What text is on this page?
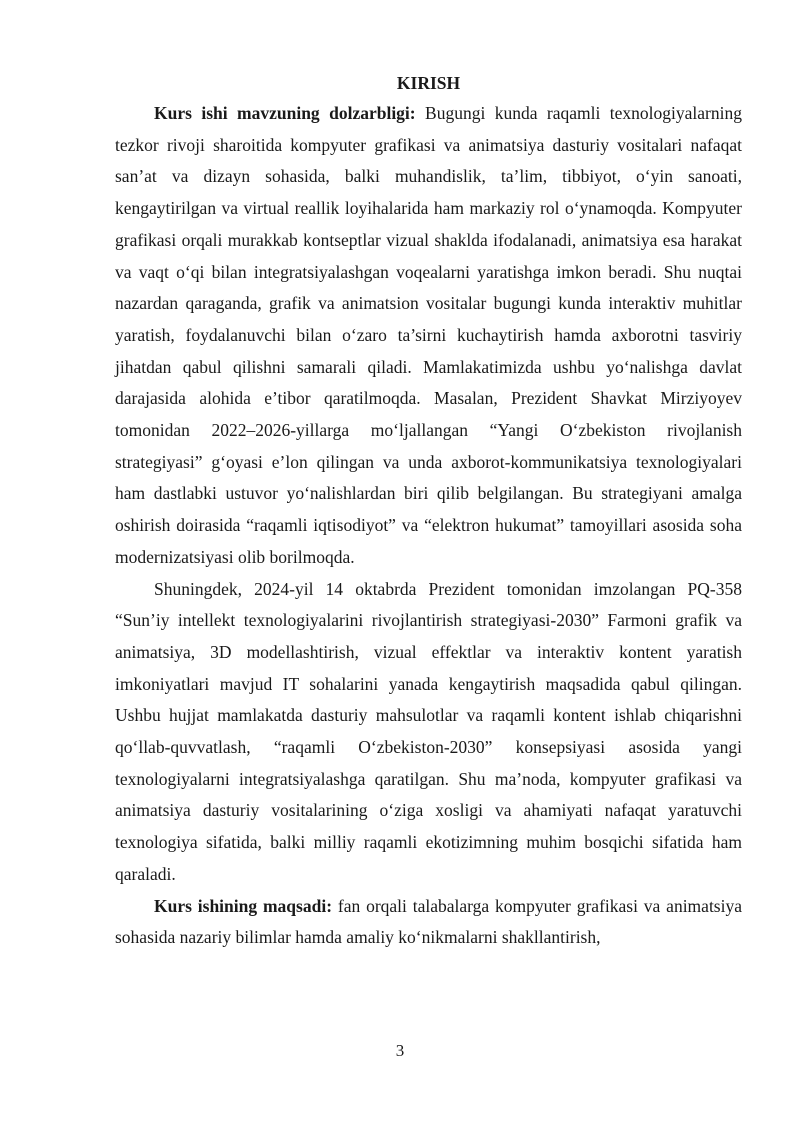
KIRISH

Kurs ishi mavzuning dolzarbligi: Bugungi kunda raqamli texnologiyalarning tezkor rivoji sharoitida kompyuter grafikasi va animatsiya dasturiy vositalari nafaqat san’at va dizayn sohasida, balki muhandislik, ta’lim, tibbiyot, o‘yin sanoati, kengaytirilgan va virtual reallik loyihalarida ham markaziy rol o‘ynamoqda. Kompyuter grafikasi orqali murakkab kontseptlar vizual shaklda ifodalanadi, animatsiya esa harakat va vaqt o‘qi bilan integratsiyalashgan voqealarni yaratishga imkon beradi. Shu nuqtai nazardan qaraganda, grafik va animatsion vositalar bugungi kunda interaktiv muhitlar yaratish, foydalanuvchi bilan o‘zaro ta’sirni kuchaytirish hamda axborotni tasviriy jihatdan qabul qilishni samarali qiladi. Mamlakatimizda ushbu yo‘nalishga davlat darajasida alohida e’tibor qaratilmoqda. Masalan, Prezident Shavkat Mirziyoyev tomonidan 2022–2026-yillarga mo‘ljallangan “Yangi O‘zbekiston rivojlanish strategiyasi” g‘oyasi e’lon qilingan va unda axborot-kommunikatsiya texnologiyalari ham dastlabki ustuvor yo‘nalishlardan biri qilib belgilangan. Bu strategiyani amalga oshirish doirasida “raqamli iqtisodiyot” va “elektron hukumat” tamoyillari asosida soha modernizatsiyasi olib borilmoqda.

Shuningdek, 2024-yil 14 oktabrda Prezident tomonidan imzolangan PQ-358 “Sun’iy intellekt texnologiyalarini rivojlantirish strategiyasi-2030” Farmoni grafik va animatsiya, 3D modellashtirish, vizual effektlar va interaktiv kontent yaratish imkoniyatlari mavjud IT sohalarini yanada kengaytirish maqsadida qabul qilingan. Ushbu hujjat mamlakatda dasturiy mahsulotlar va raqamli kontent ishlab chiqarishni qo‘llab-quvvatlash, “raqamli O‘zbekiston-2030” konsepsiyasi asosida yangi texnologiyalarni integratsiyalashga qaratilgan. Shu ma’noda, kompyuter grafikasi va animatsiya dasturiy vositalarining o‘ziga xosligi va ahamiyati nafaqat yaratuvchi texnologiya sifatida, balki milliy raqamli ekotizimning muhim bosqichi sifatida ham qaraladi.

Kurs ishining maqsadi: fan orqali talabalarga kompyuter grafikasi va animatsiya sohasida nazariy bilimlar hamda amaliy ko‘nikmalarni shakllantirish,

3
